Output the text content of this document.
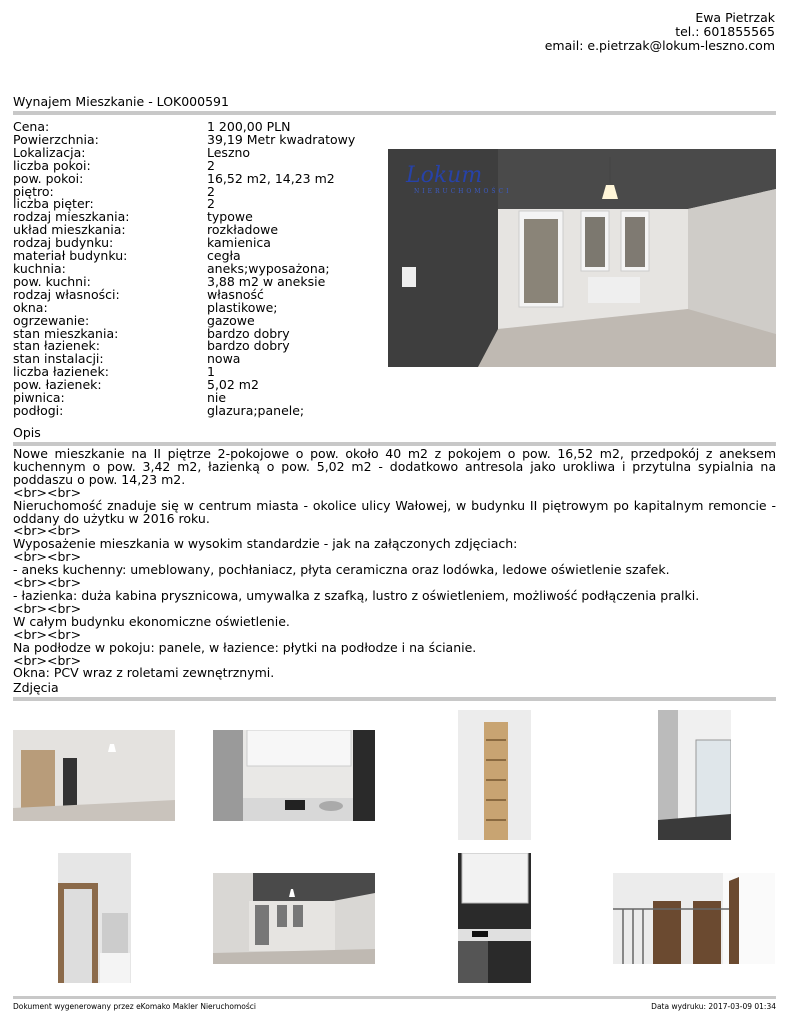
Ewa Pietrzak
tel.: 601855565
email: e.pietrzak@lokum-leszno.com
Wynajem Mieszkanie - LOK000591
Cena:	1 200,00 PLN
Powierzchnia:	39,19 Metr kwadratowy
Lokalizacja:	Leszno
liczba pokoi:	2
pow. pokoi:	16,52 m2, 14,23 m2
piętro:	2
liczba pięter:	2
rodzaj mieszkania:	typowe
układ mieszkania:	rozkładowe
rodzaj budynku:	kamienica
materiał budynku:	cegła
kuchnia:	aneks;wyposażona;
pow. kuchni:	3,88 m2 w aneksie
rodzaj własności:	własność
okna:	plastikowe;
ogrzewanie:	gazowe
stan mieszkania:	bardzo dobry
stan łazienek:	bardzo dobry
stan instalacji:	nowa
liczba łazienek:	1
pow. łazienek:	5,02 m2
piwnica:	nie
podłogi:	glazura;panele;
Lokum
NIERUCHOMOŚCI
Opis

Nowe mieszkanie na II piętrze 2-pokojowe o pow. około 40 m2 z pokojem o pow. 16,52 m2, przedpokój z aneksem kuchennym o pow. 3,42 m2, łazienką o pow. 5,02 m2 - dodatkowo antresola jako urokliwa i przytulna sypialnia na poddaszu o pow. 14,23 m2.

<br><br>

Nieruchomość znaduje się w centrum miasta - okolice ulicy Wałowej, w budynku II piętrowym po kapitalnym remoncie - oddany do użytku w 2016 roku.

<br><br>

Wyposażenie mieszkania w wysokim standardzie - jak na załączonych zdjęciach:

<br><br>

- aneks kuchenny: umeblowany, pochłaniacz, płyta ceramiczna oraz lodówka, ledowe oświetlenie szafek.

<br><br>

- łazienka: duża kabina prysznicowa, umywalka z szafką, lustro z oświetleniem, możliwość podłączenia pralki.

<br><br>

W całym budynku ekonomiczne oświetlenie.

<br><br>

Na podłodze w pokoju: panele, w łazience: płytki na podłodze i na ścianie.

<br><br>

Okna: PCV wraz z roletami zewnętrznymi.

Zdjęcia
Dokument wygenerowany przez eKomako Makler Nieruchomości	Data wydruku: 2017-03-09 01:34
